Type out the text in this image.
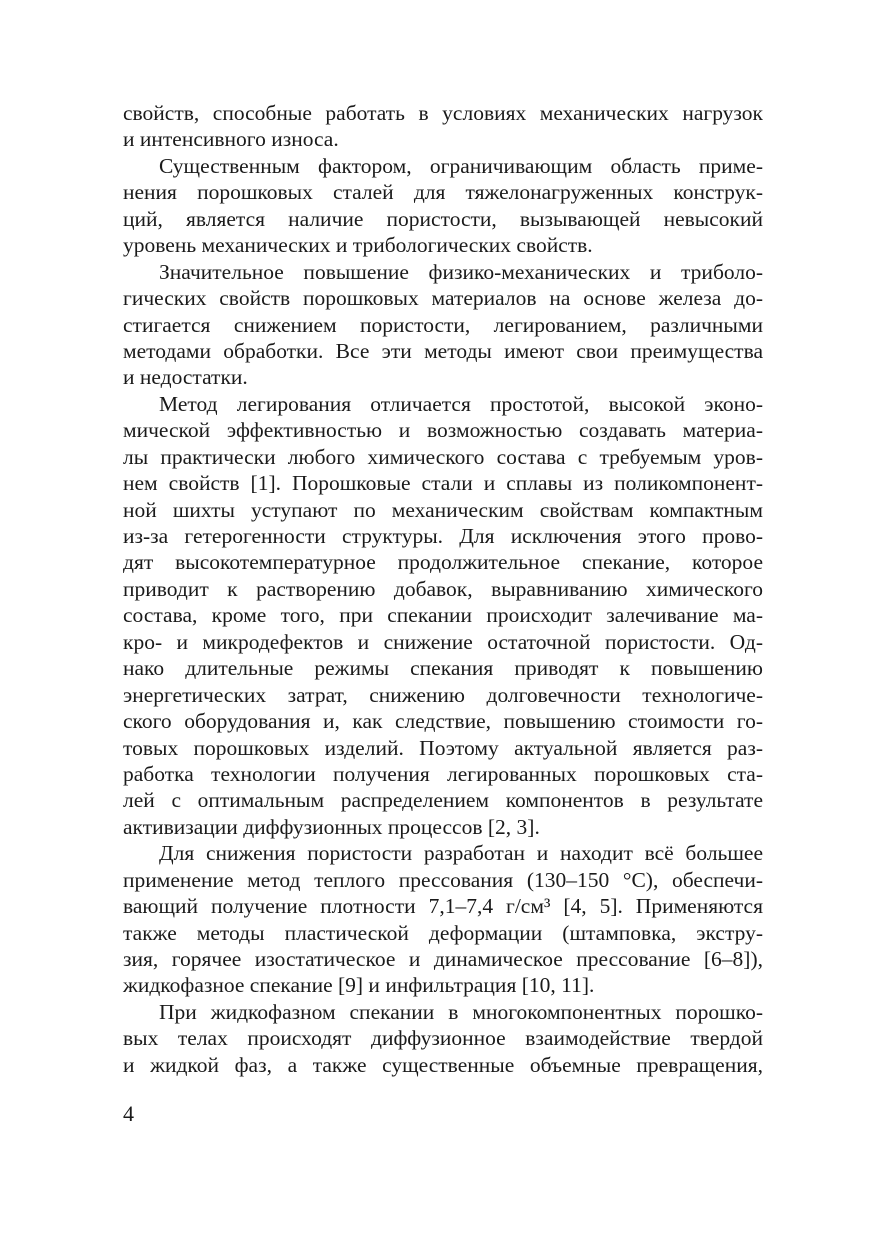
свойств, способные работать в условиях механических нагрузок
и интенсивного износа.

Существенным фактором, ограничивающим область приме-
нения порошковых сталей для тяжелонагруженных конструк-
ций, является наличие пористости, вызывающей невысокий
уровень механических и трибологических свойств.

Значительное повышение физико-механических и триболо-
гических свойств порошковых материалов на основе железа до-
стигается снижением пористости, легированием, различными
методами обработки. Все эти методы имеют свои преимущества
и недостатки.

Метод легирования отличается простотой, высокой эконо-
мической эффективностью и возможностью создавать материа-
лы практически любого химического состава с требуемым уров-
нем свойств [1]. Порошковые стали и сплавы из поликомпонент-
ной шихты уступают по механическим свойствам компактным
из-за гетерогенности структуры. Для исключения этого прово-
дят высокотемпературное продолжительное спекание, которое
приводит к растворению добавок, выравниванию химического
состава, кроме того, при спекании происходит залечивание ма-
кро- и микродефектов и снижение остаточной пористости. Од-
нако длительные режимы спекания приводят к повышению
энергетических затрат, снижению долговечности технологиче-
ского оборудования и, как следствие, повышению стоимости го-
товых порошковых изделий. Поэтому актуальной является раз-
работка технологии получения легированных порошковых ста-
лей с оптимальным распределением компонентов в результате
активизации диффузионных процессов [2, 3].

Для снижения пористости разработан и находит всё большее
применение метод теплого прессования (130–150 °С), обеспечи-
вающий получение плотности 7,1–7,4 г/см³ [4, 5]. Применяются
также методы пластической деформации (штамповка, экстру-
зия, горячее изостатическое и динамическое прессование [6–8]),
жидкофазное спекание [9] и инфильтрация [10, 11].

При жидкофазном спекании в многокомпонентных порошко-
вых телах происходят диффузионное взаимодействие твердой
и жидкой фаз, а также существенные объемные превращения,

4
